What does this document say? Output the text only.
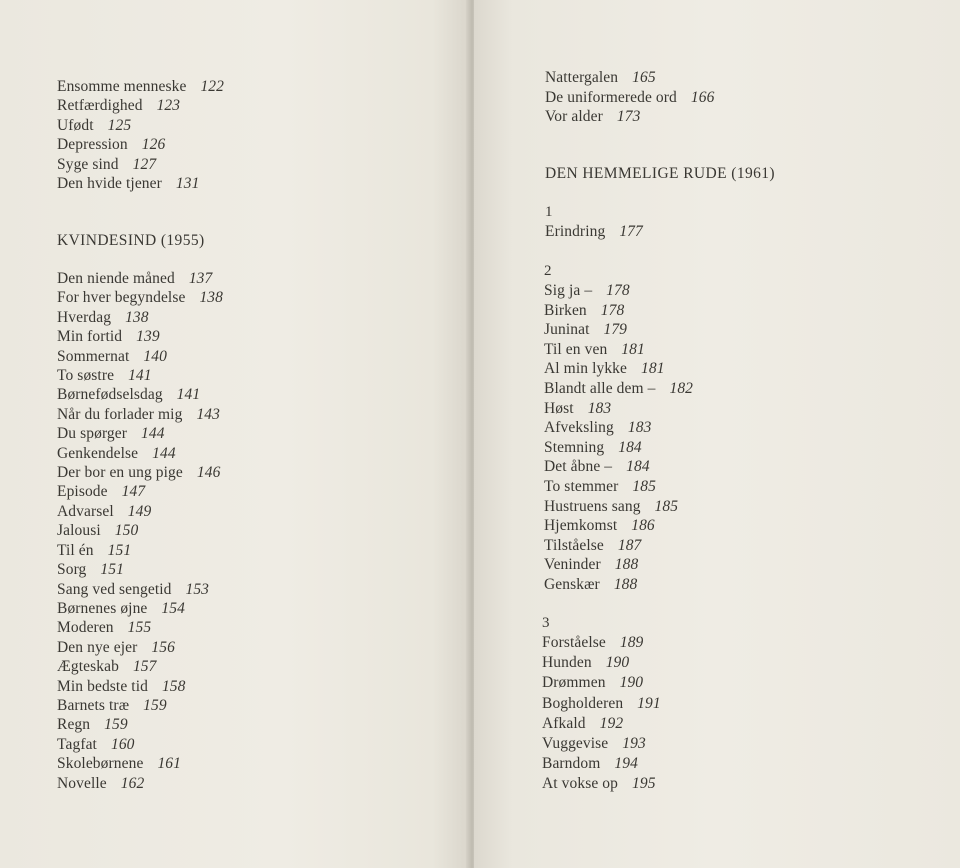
Ensomme menneske 122
Retfærdighed 123
Ufødt 125
Depression 126
Syge sind 127
Den hvide tjener 131
KVINDESIND (1955)
Den niende måned 137
For hver begyndelse 138
Hverdag 138
Min fortid 139
Sommernat 140
To søstre 141
Børnefødselsdag 141
Når du forlader mig 143
Du spørger 144
Genkendelse 144
Der bor en ung pige 146
Episode 147
Advarsel 149
Jalousi 150
Til én 151
Sorg 151
Sang ved sengetid 153
Børnenes øjne 154
Moderen 155
Den nye ejer 156
Ægteskab 157
Min bedste tid 158
Barnets træ 159
Regn 159
Tagfat 160
Skolebørnene 161
Novelle 162
Nattergalen 165
De uniformerede ord 166
Vor alder 173
DEN HEMMELIGE RUDE (1961)
1
Erindring 177
2
Sig ja – 178
Birken 178
Juninat 179
Til en ven 181
Al min lykke 181
Blandt alle dem – 182
Høst 183
Afveksling 183
Stemning 184
Det åbne – 184
To stemmer 185
Hustruens sang 185
Hjemkomst 186
Tilståelse 187
Veninder 188
Genskær 188
3
Forståelse 189
Hunden 190
Drømmen 190
Bogholderen 191
Afkald 192
Vuggevise 193
Barndom 194
At vokse op 195
